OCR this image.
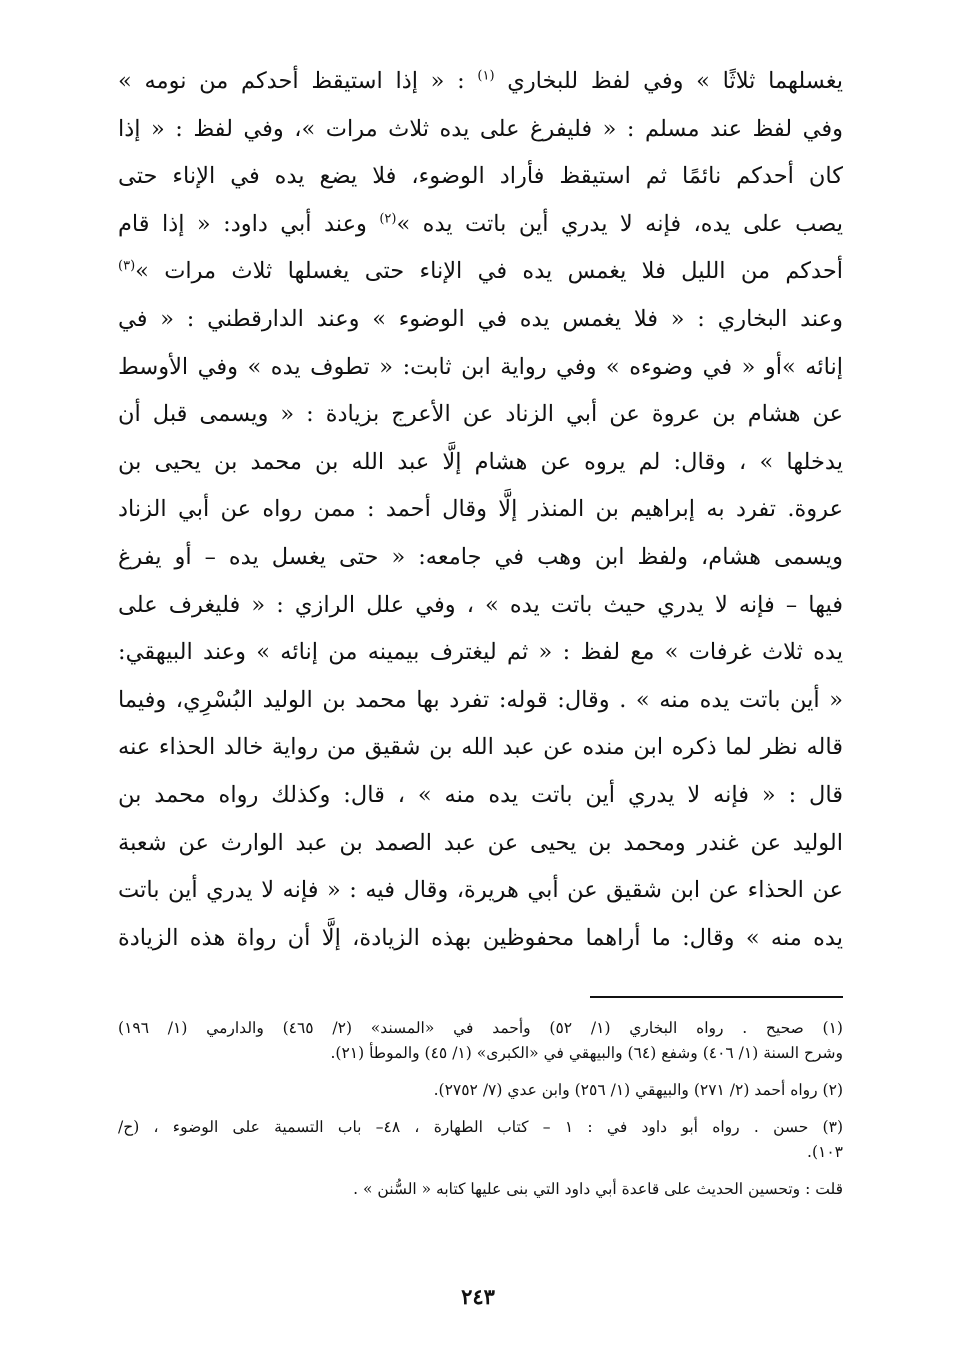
يغسلهما ثلاثًا » وفي لفظ للبخاري $^{(١)}$ : « إذا استيقظ أحدكم من نومه »
وفي لفظ عند مسلم : « فليفرغ على يده ثلاث مرات »، وفي لفظ : « إذا
كان أحدكم نائمًا ثم استيقظ فأراد الوضوء، فلا يضع يده في الإناء حتى
يصب على يده، فإنه لا يدري أين باتت يده »$^{(٢)}$ وعند أبي داود: « إذا قام
أحدكم من الليل فلا يغمس يده في الإناء حتى يغسلها ثلاث مرات »$^{(٣)}$
وعند البخاري : « فلا يغمس يده في الوضوء » وعند الدارقطني : « في
إنائه »أو « في وضوءه » وفي رواية ابن ثابت: « تطوف يده » وفي الأوسط
عن هشام بن عروة عن أبي الزناد عن الأعرج بزيادة : « ويسمى قبل أن
يدخلها » ، وقال: لم يروه عن هشام إلَّا عبد الله بن محمد بن يحيى بن
عروة. تفرد به إبراهيم بن المنذر إلَّا وقال أحمد : ممن رواه عن أبي الزناد
ويسمى هشام، ولفظ ابن وهب في جامعه: « حتى يغسل يده – أو يفرغ
فيها – فإنه لا يدري حيث باتت يده » ، وفي علل الرازي : « فليغرف على
يده ثلاث غرفات » مع لفظ : « ثم ليغترف بيمينه من إنائه » وعند البيهقي:
« أين باتت يده منه » . وقال: قوله: تفرد بها محمد بن الوليد البُسْرِي، وفيما
قاله نظر لما ذكره ابن منده عن عبد الله بن شقيق من رواية خالد الحذاء عنه
قال : « فإنه لا يدري أين باتت يده منه » ، قال: وكذلك رواه محمد بن
الوليد عن غندر ومحمد بن يحيى عن عبد الصمد بن عبد الوارث عن شعبة
عن الحذاء عن ابن شقيق عن أبي هريرة، وقال فيه : « فإنه لا يدري أين باتت
يده منه » وقال: ما أراهما محفوظين بهذه الزيادة، إلَّا أن رواة هذه الزيادة
(١) صحيح . رواه البخاري (١/ ٥٢) وأحمد في «المسند» (٢/ ٤٦٥) والدارمي (١/ ١٩٦)
وشرح السنة (١/ ٤٠٦) وشفع (٦٤) والبيهقي في «الكبرى» (١/ ٤٥) والموطأ (٢١).
(٢) رواه أحمد (٢/ ٢٧١) والبيهقي (١/ ٢٥٦) وابن عدي (٧/ ٢٧٥٢).
(٣) حسن . رواه أبو داود في : ١ – كتاب الطهارة ، ٤٨– باب التسمية على الوضوء ، (ح/
١٠٣).
قلت : وتحسين الحديث على قاعدة أبي داود التي بنى عليها كتابه « السُّنن » .
٢٤٣
